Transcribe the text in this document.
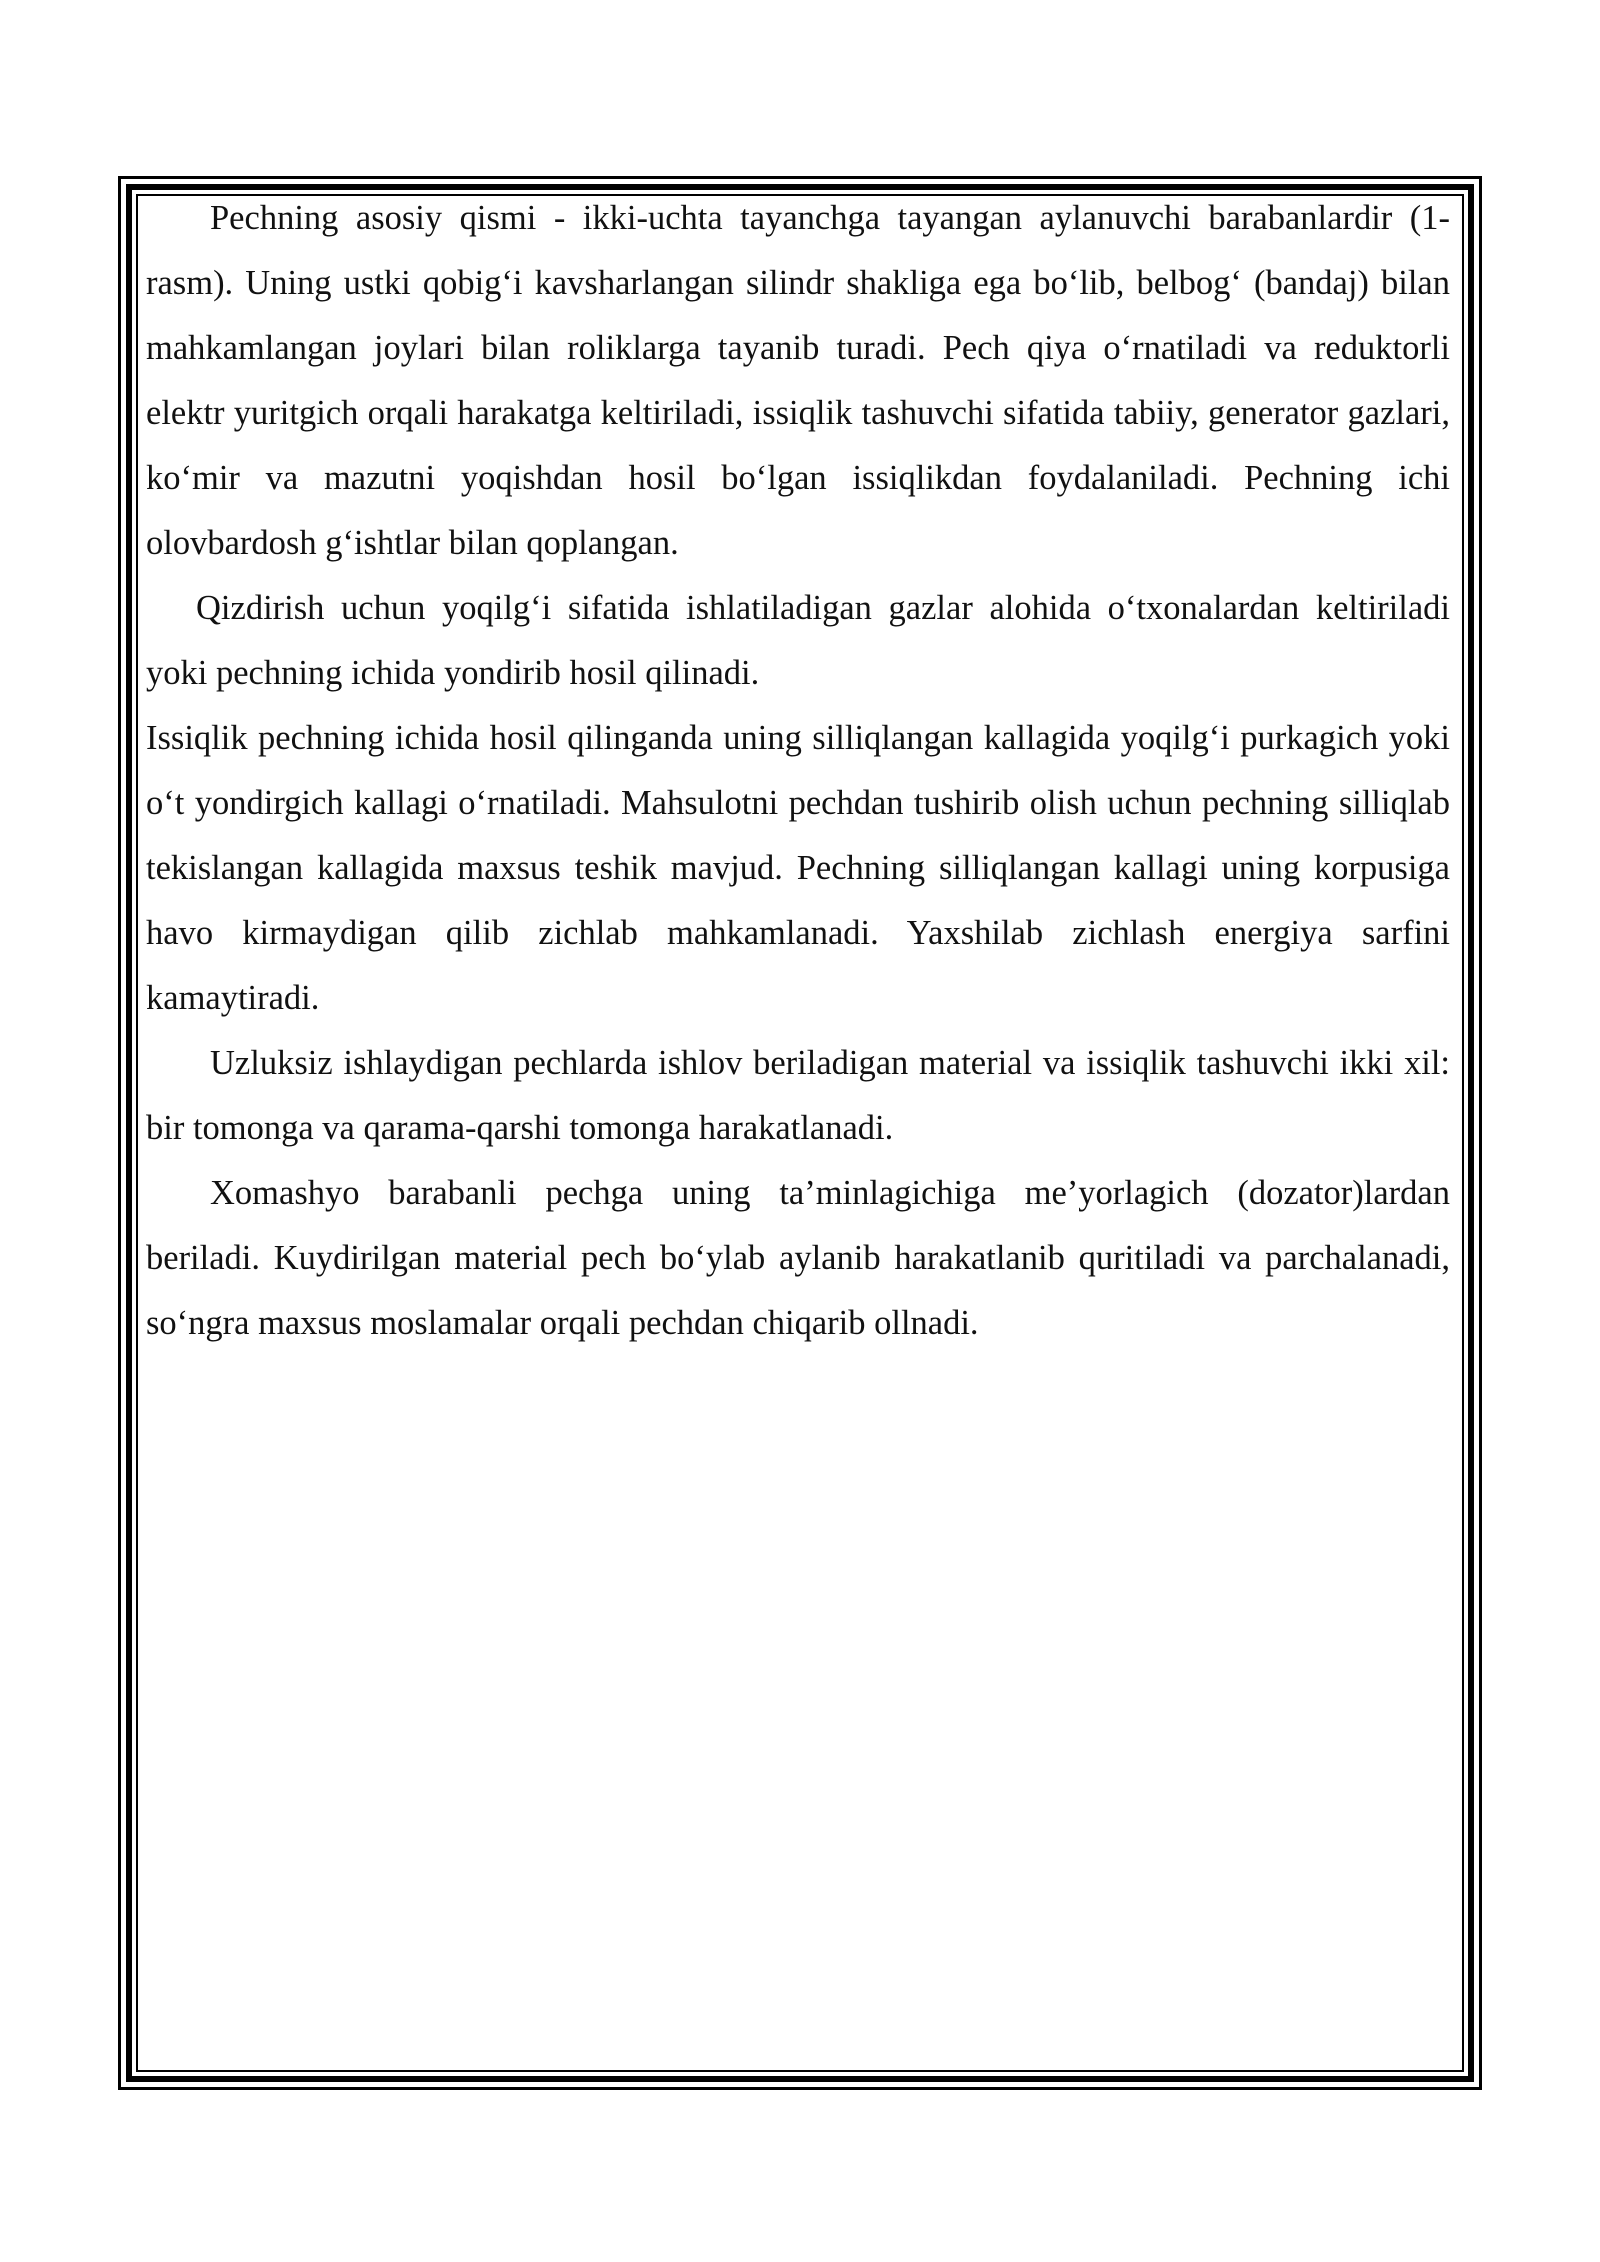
Pechning asosiy qismi - ikki-uchta tayanchga tayangan aylanuvchi barabanlardir (1-rasm). Uning ustki qobig‘i kavsharlangan silindr shakliga ega bo‘lib, belbog‘ (bandaj) bilan mahkamlangan joylari bilan roliklarga tayanib turadi. Pech qiya o‘rnatiladi va reduktorli elektr yuritgich orqali harakatga keltiriladi, issiqlik tashuvchi sifatida tabiiy, generator gazlari, ko‘mir va mazutni yoqishdan hosil bo‘lgan issiqlikdan foydalaniladi. Pechning ichi olovbardosh g‘ishtlar bilan qoplangan.

Qizdirish uchun yoqilg‘i sifatida ishlatiladigan gazlar alohida o‘txonalardan keltiriladi yoki pechning ichida yondirib hosil qilinadi.

Issiqlik pechning ichida hosil qilinganda uning silliqlangan kallagida yoqilg‘i purkagich yoki o‘t yondirgich kallagi o‘rnatiladi. Mahsulotni pechdan tushirib olish uchun pechning silliqlab tekislangan kallagida maxsus teshik mavjud. Pechning silliqlangan kallagi uning korpusiga havo kirmaydigan qilib zichlab mahkamlanadi. Yaxshilab zichlash energiya sarfini kamaytiradi.

Uzluksiz ishlaydigan pechlarda ishlov beriladigan material va issiqlik tashuvchi ikki xil: bir tomonga va qarama-qarshi tomonga harakatlanadi.

Xomashyo barabanli pechga uning ta’minlagichiga me’yorlagich (dozator)lardan beriladi. Kuydirilgan material pech bo‘ylab aylanib harakatlanib quritiladi va parchalanadi, so‘ngra maxsus moslamalar orqali pechdan chiqarib ollnadi.
